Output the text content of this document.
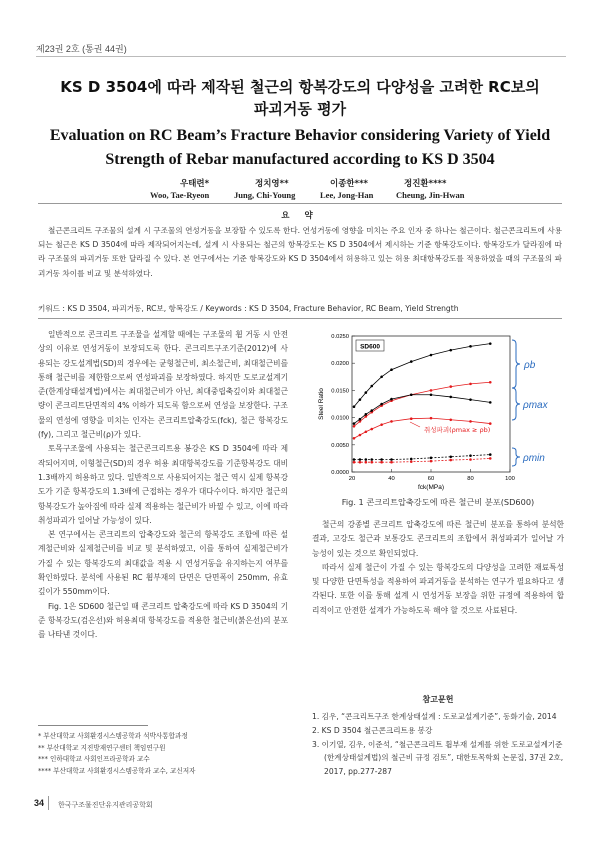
제23권 2호 (통권 44권)
KS D 3504에 따라 제작된 철근의 항복강도의 다양성을 고려한 RC보의
파괴거동 평가
Evaluation on RC Beam’s Fracture Behavior considering Variety of Yield
Strength of Rebar manufactured according to KS D 3504
우태련*	정치영**	이종한***	정진환****
Woo, Tae-Ryeon	Jung, Chi-Young	Lee, Jong-Han	Cheung, Jin-Hwan
요 약
철근콘크리트 구조물의 설계 시 구조물의 연성거동을 보장할 수 있도록 한다. 연성거동에 영향을 미치는 주요 인자 중 하나는 철근이다. 철근콘크리트에 사용되는 철근은 KS D 3504에 따라 제작되어지는데, 설계 시 사용되는 철근의 항복강도는 KS D 3504에서 제시하는 기준 항복강도이다. 항복강도가 달라짐에 따라 구조물의 파괴거동 또한 달라질 수 있다. 본 연구에서는 기준 항복강도와 KS D 3504에서 허용하고 있는 허용 최대항복강도를 적용하였을 때의 구조물의 파괴거동 차이를 비교 및 분석하였다.
키워드 : KS D 3504, 파괴거동, RC보, 항복강도 / Keywords : KS D 3504, Fracture Behavior, RC Beam, Yield Strength

일반적으로 콘크리트 구조물을 설계할 때에는 구조물의 휨 거동 시 안전상의 이유로 연성거동이 보장되도록 한다. 콘크리트구조기준(2012)에 사용되는 강도설계법(SD)의 경우에는 균형철근비, 최소철근비, 최대철근비를 통해 철근비를 제한함으로써 연성파괴를 보장하였다. 하지만 도로교설계기준(한계상태설계법)에서는 최대철근비가 아닌, 최대중립축깊이와 최대철근량이 콘크리트단면적의 4% 이하가 되도록 함으로써 연성을 보장한다. 구조물의 연성에 영향을 미치는 인자는 콘크리트압축강도(fck), 철근 항복강도(fy), 그리고 철근비(ρ)가 있다.

토목구조물에 사용되는 철근콘크리트용 봉강은 KS D 3504에 따라 제작되어지며, 이형철근(SD)의 경우 허용 최대항복강도를 기준항복강도 대비 1.3배까지 허용하고 있다. 일반적으로 사용되어지는 철근 역시 실제 항복강도가 기준 항복강도의 1.3배에 근접하는 경우가 대다수이다. 하지만 철근의 항복강도가 높아짐에 따라 실제 적용하는 철근비가 바뀔 수 있고, 이에 따라 취성파괴가 일어날 가능성이 있다.

본 연구에서는 콘크리트의 압축강도와 철근의 항복강도 조합에 따른 설계철근비와 실제철근비를 비교 및 분석하였고, 이를 통하여 실제철근비가 가질 수 있는 항복강도의 최대값을 적용 시 연성거동을 유지하는지 여부를 확인하였다. 분석에 사용된 RC 휨부재의 단면은 단면폭이 250mm, 유효깊이가 550mm이다.

Fig. 1은 SD600 철근일 때 콘크리트 압축강도에 따라 KS D 3504의 기준 항복강도(검은선)와 허용최대 항복강도를 적용한 철근비(붉은선)의 분포를 나타낸 것이다.

0.0000
0.0050
0.0100
0.0150
0.0200
0.0250
20	40	60	80	100
Steel Ratio
fck(MPa)
SD600
취성파괴(ρmax ≥ ρb)
ρb
ρmax
ρmin
Fig. 1 콘크리트압축강도에 따른 철근비 분포(SD600)

철근의 강종별 콘크리트 압축강도에 따른 철근비 분포를 통하여 분석한 결과, 고강도 철근과 보통강도 콘크리트의 조합에서 취성파괴가 일어날 가능성이 있는 것으로 확인되었다.

따라서 실제 철근이 가질 수 있는 항복강도의 다양성을 고려한 재료특성 및 다양한 단면특성을 적용하여 파괴거동을 분석하는 연구가 필요하다고 생각된다. 또한 이를 통해 설계 시 연성거동 보장을 위한 규정에 적용하여 합리적이고 안전한 설계가 가능하도록 해야 할 것으로 사료된다.

참고문헌
1. 김우, “콘크리트구조 한계상태설계 : 도로교설계기준”, 동화기술, 2014
2. KS D 3504 철근콘크리트용 봉강
3. 이기열, 김우, 이준석, “철근콘크리트 휨부재 설계를 위한 도로교설계기준(한계상태설계법)의 철근비 규정 검토”, 대한토목학회 논문집, 37권 2호, 2017, pp.277-287
* 부산대학교 사회환경시스템공학과 석박사통합과정
** 부산대학교 지진방재연구센터 책임연구원
*** 인하대학교 사회인프라공학과 교수
**** 부산대학교 사회환경시스템공학과 교수, 교신저자
34 한국구조물진단유지관리공학회
